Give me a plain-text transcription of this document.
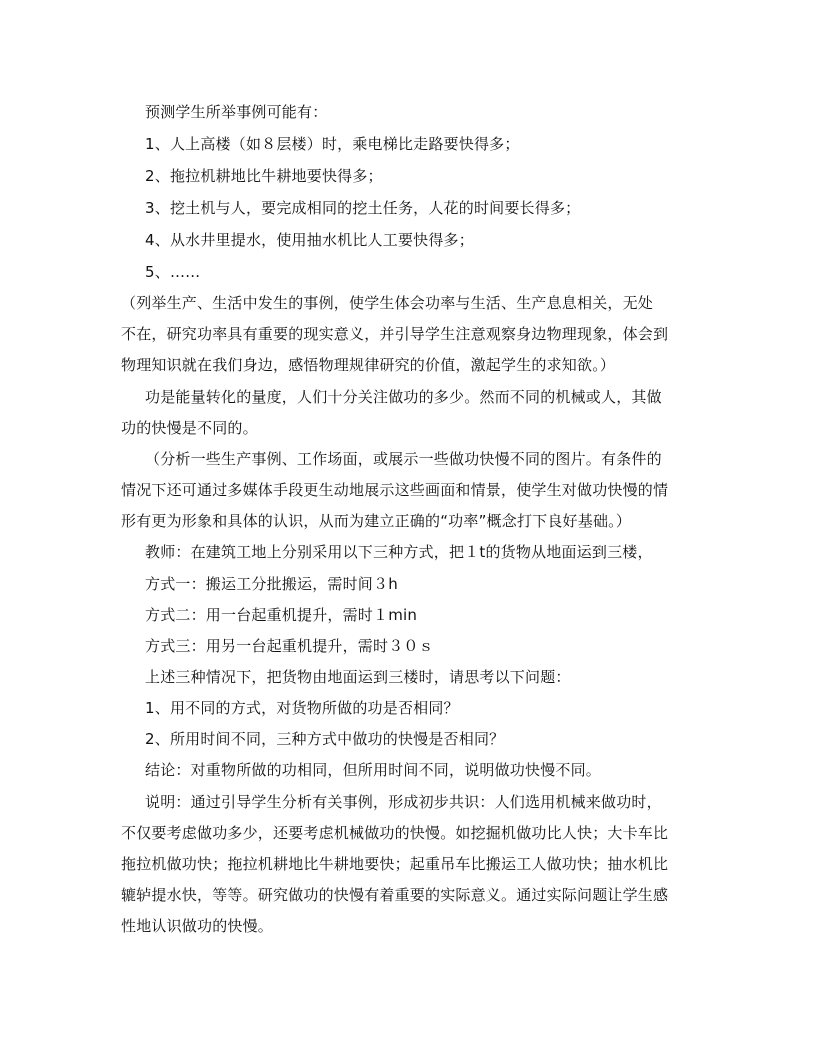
预测学生所举事例可能有：
1、人上高楼（如８层楼）时，乘电梯比走路要快得多；
2、拖拉机耕地比牛耕地要快得多；
3、挖土机与人，要完成相同的挖土任务，人花的时间要长得多；
4、从水井里提水，使用抽水机比人工要快得多；
5、……
（列举生产、生活中发生的事例，使学生体会功率与生活、生产息息相关，无处
不在，研究功率具有重要的现实意义，并引导学生注意观察身边物理现象，体会到
物理知识就在我们身边，感悟物理规律研究的价值，激起学生的求知欲。）
功是能量转化的量度，人们十分关注做功的多少。然而不同的机械或人，其做
功的快慢是不同的。
（分析一些生产事例、工作场面，或展示一些做功快慢不同的图片。有条件的
情况下还可通过多媒体手段更生动地展示这些画面和情景，使学生对做功快慢的情
形有更为形象和具体的认识，从而为建立正确的“功率”概念打下良好基础。）
教师：在建筑工地上分别采用以下三种方式，把１t的货物从地面运到三楼，
方式一：搬运工分批搬运，需时间３h
方式二：用一台起重机提升，需时１min
方式三：用另一台起重机提升，需时３０ｓ
上述三种情况下，把货物由地面运到三楼时，请思考以下问题：
1、用不同的方式，对货物所做的功是否相同？
2、所用时间不同，三种方式中做功的快慢是否相同？
结论：对重物所做的功相同，但所用时间不同，说明做功快慢不同。
说明：通过引导学生分析有关事例，形成初步共识：人们选用机械来做功时，
不仅要考虑做功多少，还要考虑机械做功的快慢。如挖掘机做功比人快；大卡车比
拖拉机做功快；拖拉机耕地比牛耕地要快；起重吊车比搬运工人做功快；抽水机比
辘轳提水快，等等。研究做功的快慢有着重要的实际意义。通过实际问题让学生感
性地认识做功的快慢。
